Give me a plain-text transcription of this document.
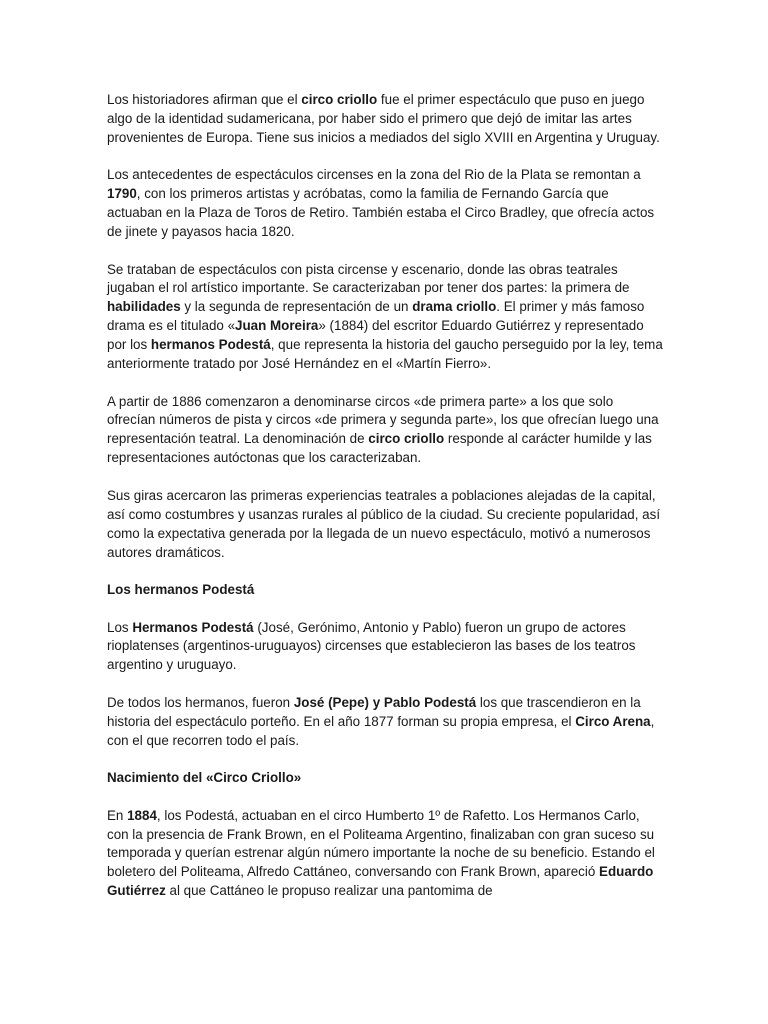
Los historiadores afirman que el circo criollo fue el primer espectáculo que puso en juego algo de la identidad sudamericana, por haber sido el primero que dejó de imitar las artes provenientes de Europa. Tiene sus inicios a mediados del siglo XVIII en Argentina y Uruguay.

Los antecedentes de espectáculos circenses en la zona del Rio de la Plata se remontan a 1790, con los primeros artistas y acróbatas, como la familia de Fernando García que actuaban en la Plaza de Toros de Retiro. También estaba el Circo Bradley, que ofrecía actos de jinete y payasos hacia 1820.

Se trataban de espectáculos con pista circense y escenario, donde las obras teatrales jugaban el rol artístico importante. Se caracterizaban por tener dos partes: la primera de habilidades y la segunda de representación de un drama criollo. El primer y más famoso drama es el titulado «Juan Moreira» (1884) del escritor Eduardo Gutiérrez y representado por los hermanos Podestá, que representa la historia del gaucho perseguido por la ley, tema anteriormente tratado por José Hernández en el «Martín Fierro».

A partir de 1886 comenzaron a denominarse circos «de primera parte» a los que solo ofrecían números de pista y circos «de primera y segunda parte», los que ofrecían luego una representación teatral. La denominación de circo criollo responde al carácter humilde y las representaciones autóctonas que los caracterizaban.

Sus giras acercaron las primeras experiencias teatrales a poblaciones alejadas de la capital, así como costumbres y usanzas rurales al público de la ciudad. Su creciente popularidad, así como la expectativa generada por la llegada de un nuevo espectáculo, motivó a numerosos autores dramáticos.

Los hermanos Podestá

Los Hermanos Podestá (José, Gerónimo, Antonio y Pablo) fueron un grupo de actores rioplatenses (argentinos-uruguayos) circenses que establecieron las bases de los teatros argentino y uruguayo.

De todos los hermanos, fueron José (Pepe) y Pablo Podestá los que trascendieron en la historia del espectáculo porteño. En el año 1877 forman su propia empresa, el Circo Arena, con el que recorren todo el país.

Nacimiento del «Circo Criollo»

En 1884, los Podestá, actuaban en el circo Humberto 1º de Rafetto. Los Hermanos Carlo, con la presencia de Frank Brown, en el Politeama Argentino, finalizaban con gran suceso su temporada y querían estrenar algún número importante la noche de su beneficio. Estando el boletero del Politeama, Alfredo Cattáneo, conversando con Frank Brown, apareció Eduardo Gutiérrez al que Cattáneo le propuso realizar una pantomima de
